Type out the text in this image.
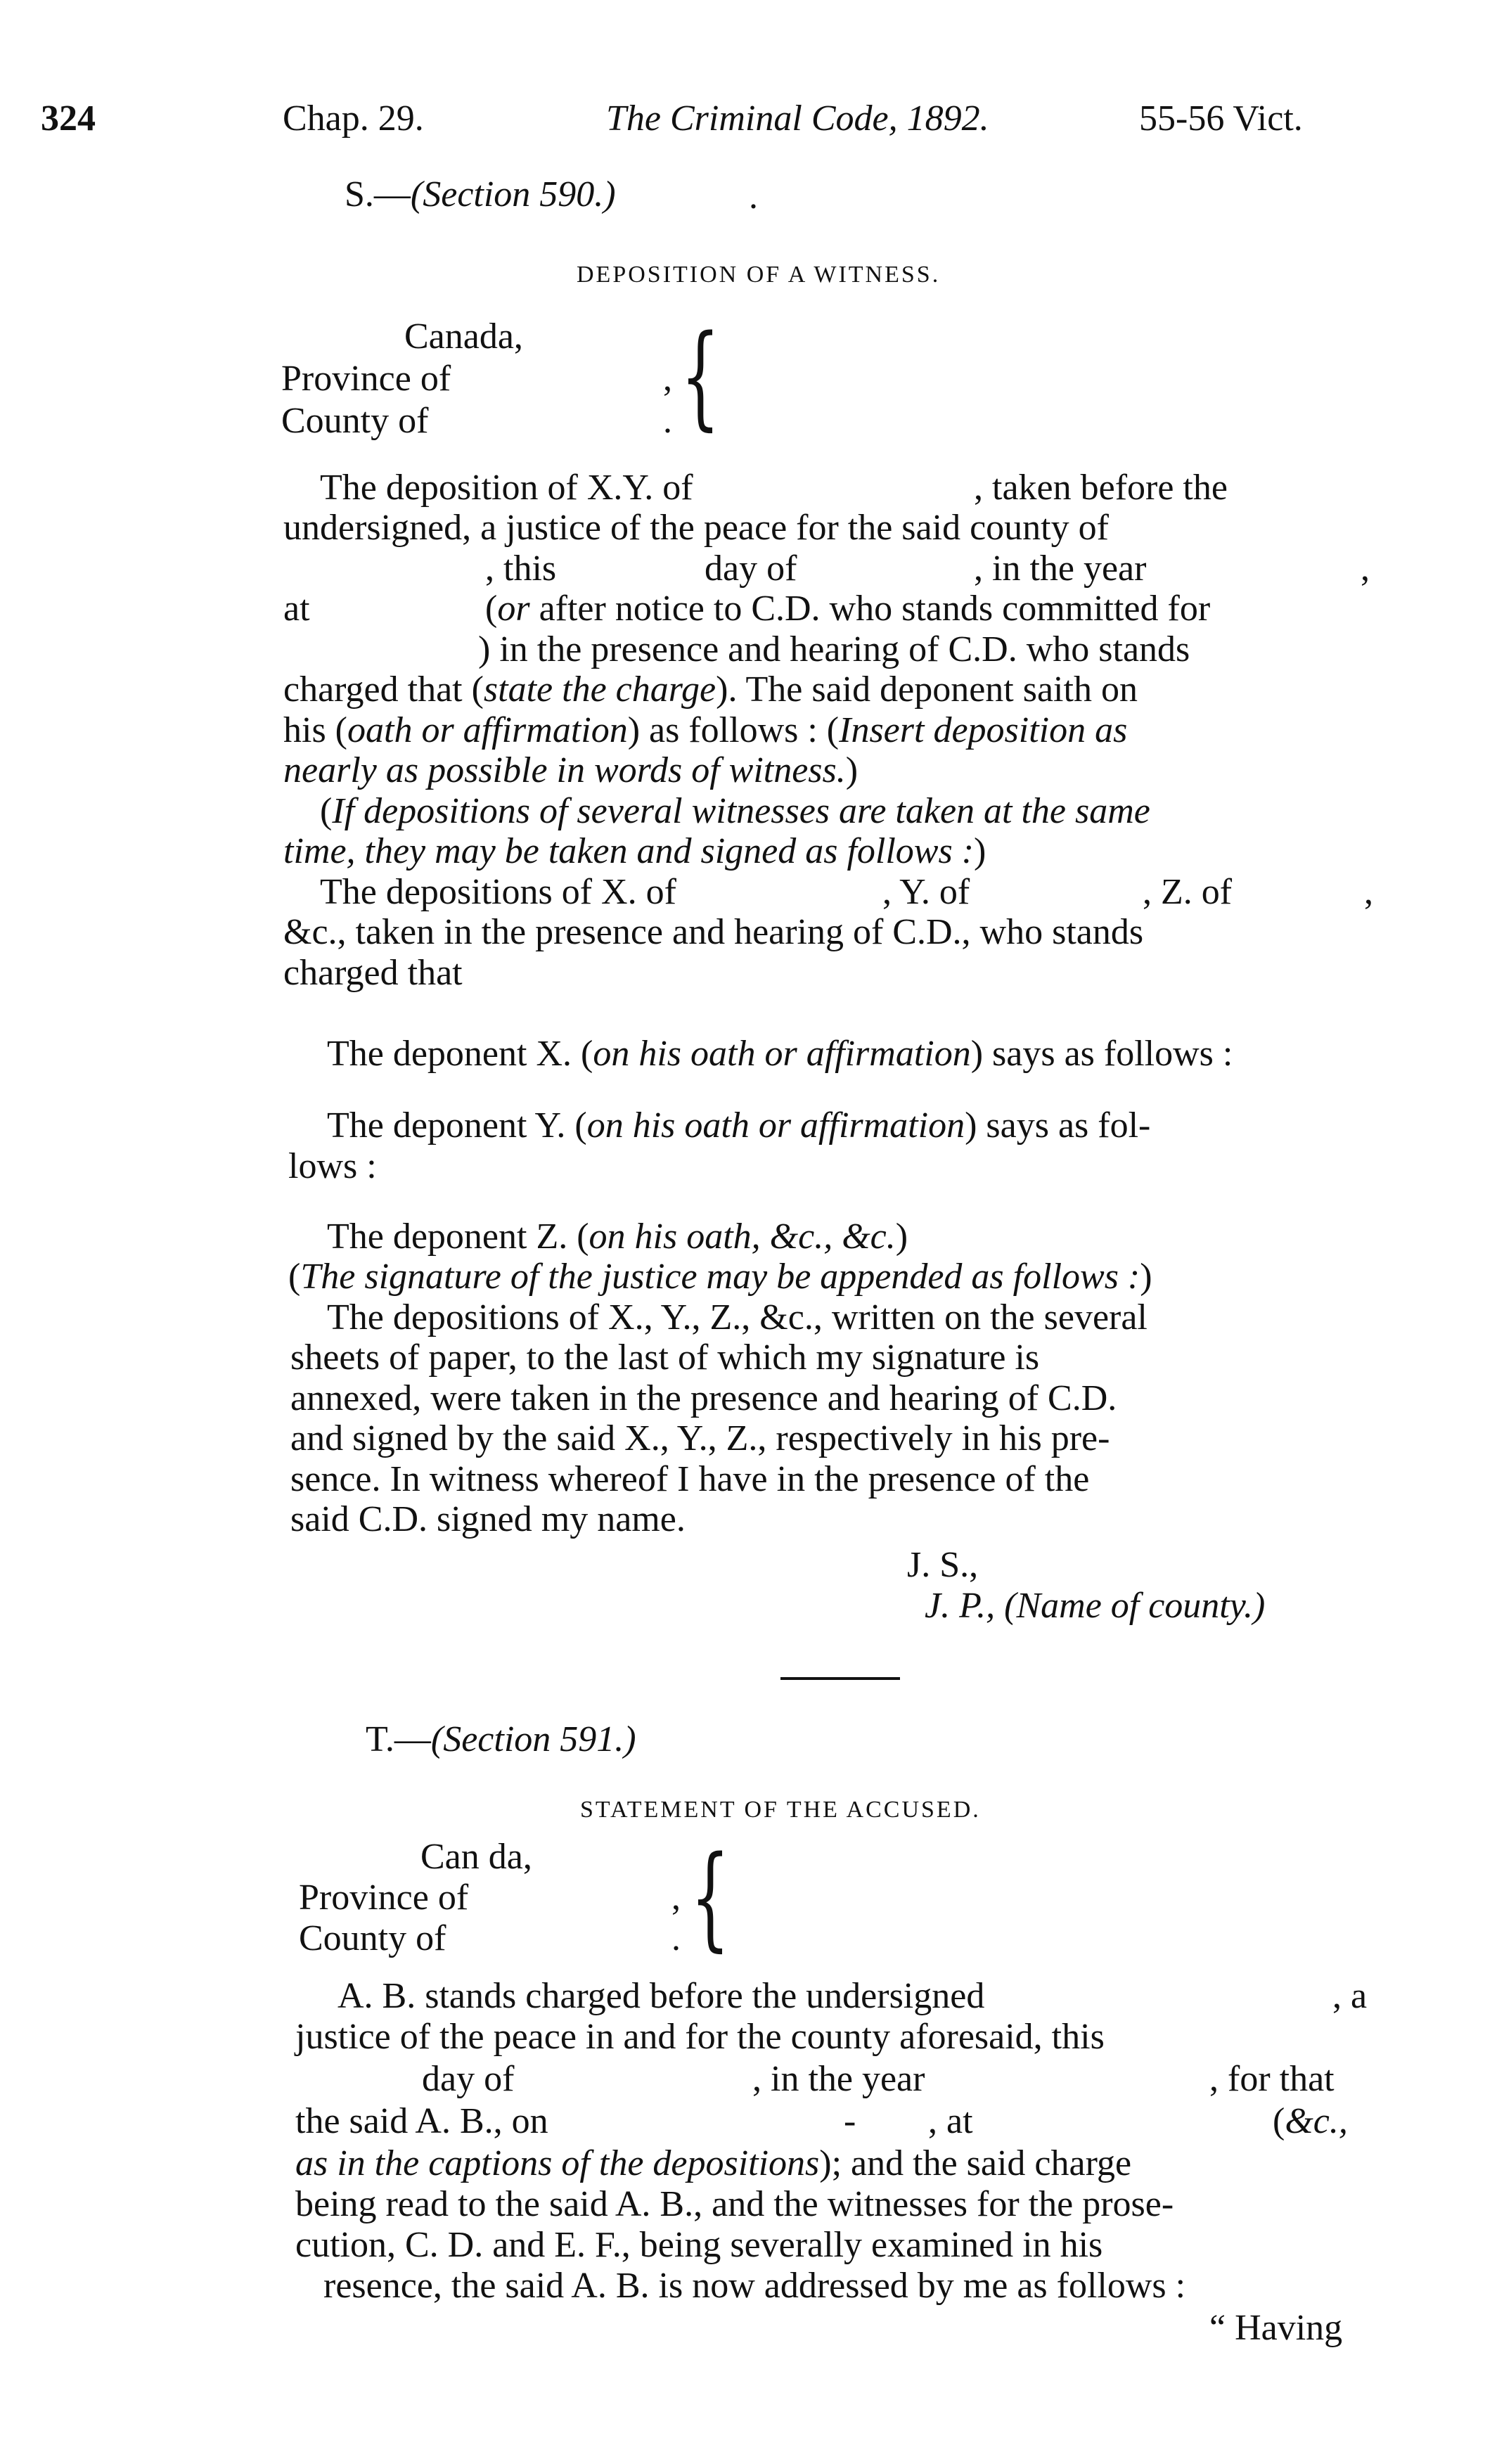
324	Chap. 29.	The Criminal Code, 1892.	55-56 Vict.
S.—(Section 590.)	.
DEPOSITION OF A WITNESS.
Canada,
Province of
County of
,
. {
The deposition of X.Y. of	, taken before the
undersigned, a justice of the peace for the said county of
, this	day of	, in the year	,
at	(or after notice to C.D. who stands committed for
) in the presence and hearing of C.D. who stands
charged that (state the charge). The said deponent saith on
his (oath or affirmation) as follows : (Insert deposition as
nearly as possible in words of witness.)
(If depositions of several witnesses are taken at the same
time, they may be taken and signed as follows :)
The depositions of X. of	, Y. of	, Z. of	,
&c., taken in the presence and hearing of C.D., who stands
charged that
The deponent X. (on his oath or affirmation) says as follows :
The deponent Y. (on his oath or affirmation) says as fol-
lows :
The deponent Z. (on his oath, &c., &c.)
(The signature of the justice may be appended as follows :)
The depositions of X., Y., Z., &c., written on the several
sheets of paper, to the last of which my signature is
annexed, were taken in the presence and hearing of C.D.
and signed by the said X., Y., Z., respectively in his pre-
sence. In witness whereof I have in the presence of the
said C.D. signed my name.
J. S.,
J. P., (Name of county.)
T.—(Section 591.)
STATEMENT OF THE ACCUSED.
Can da,
Province of
County of
,
. {
A. B. stands charged before the undersigned	, a
justice of the peace in and for the county aforesaid, this
day of	, in the year	, for that
the said A. B., on	- , at	(&c.,
as in the captions of the depositions); and the said charge
being read to the said A. B., and the witnesses for the prose-
cution, C. D. and E. F., being severally examined in his
resence, the said A. B. is now addressed by me as follows :
“ Having
